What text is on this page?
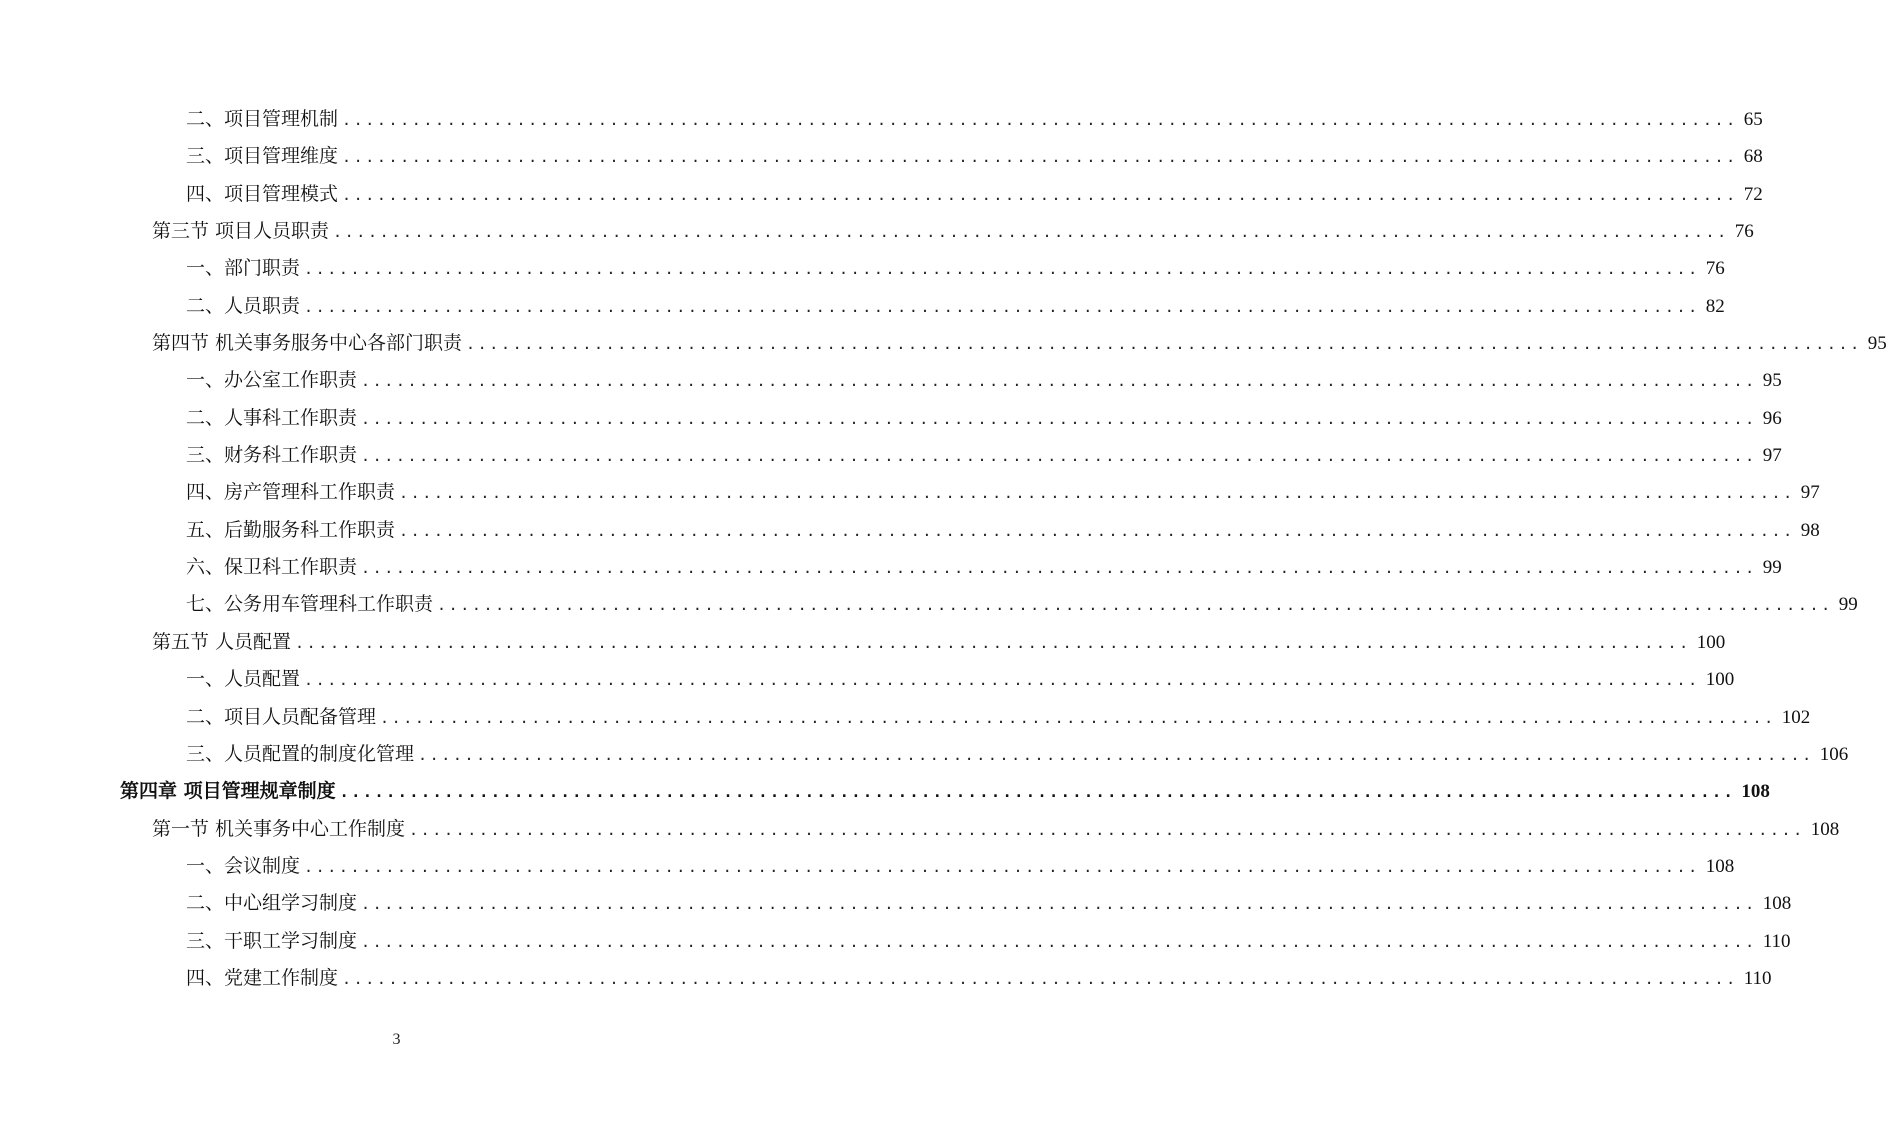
二、项目管理机制 ........................................................................................................................ 65
三、项目管理维度 ........................................................................................................................ 68
四、项目管理模式 ........................................................................................................................ 72
第三节 项目人员职责 ........................................................................................................................ 76
一、部门职责 ........................................................................................................................ 76
二、人员职责 ........................................................................................................................ 82
第四节 机关事务服务中心各部门职责 ........................................................................................................................ 95
一、办公室工作职责 ........................................................................................................................ 95
二、人事科工作职责 ........................................................................................................................ 96
三、财务科工作职责 ........................................................................................................................ 97
四、房产管理科工作职责 ........................................................................................................................ 97
五、后勤服务科工作职责 ........................................................................................................................ 98
六、保卫科工作职责 ........................................................................................................................ 99
七、公务用车管理科工作职责 ........................................................................................................................ 99
第五节 人员配置 ........................................................................................................................ 100
一、人员配置 ........................................................................................................................ 100
二、项目人员配备管理 ........................................................................................................................ 102
三、人员配置的制度化管理 ........................................................................................................................ 106
第四章 项目管理规章制度 ........................................................................................................................ 108
第一节 机关事务中心工作制度 ........................................................................................................................ 108
一、会议制度 ........................................................................................................................ 108
二、中心组学习制度 ........................................................................................................................ 108
三、干职工学习制度 ........................................................................................................................ 110
四、党建工作制度 ........................................................................................................................ 110
3
